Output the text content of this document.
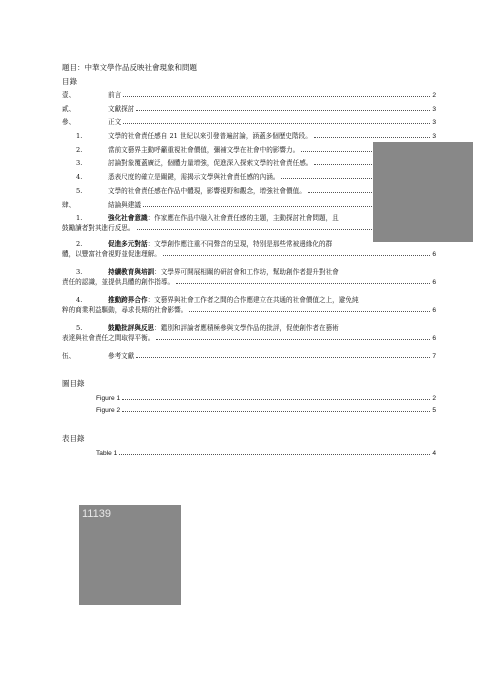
題目：中華文學作品反映社會現象和問題
目錄
壹、	前言	2
貳、	文獻探討	3
參、	正文	3
1.	文學的社會責任感自 21 世紀以來引發普遍討論，涵蓋多個歷史階段。	3
2.	當前文藝界主動呼籲重視社會價值，彌補文學在社會中的影響力。
3.	討論對象覆蓋廣泛，個體力量增強，促進深入探索文學的社會責任感。
4.	悉表尺度的確立是關鍵，需揭示文學與社會責任感的內涵。
5.	文學的社會責任感在作品中體現，影響視野和觀念，增強社會價值。
肆、	結論與建議
1.	強化社會意識：作家應在作品中融入社會責任感的主題，主動探討社會問題，且
鼓勵讀者對其進行反思。
2.	促進多元對話：文學創作應注重不同聲音的呈現，特別是那些常被邊緣化的群
體，以豐富社會視野並促進理解。	6
3.	持續教育與培訓：文學界可開展相關的研討會和工作坊，幫助創作者提升對社會
責任的認識，並提供具體的創作指導。	6
4.	推動跨界合作：文藝界與社會工作者之間的合作應建立在共通的社會價值之上，避免純
粹的商業利益驅動，尋求長期的社會影響。	6
5.	鼓勵批評與反思：鑑別和評論者應積極參與文學作品的批評，促使創作者在藝術
表達與社會責任之間取得平衡。	6
伍、	參考文獻	7
圖目錄
Figure 1	2
Figure 2	5
表目錄
Table 1	4
11139
